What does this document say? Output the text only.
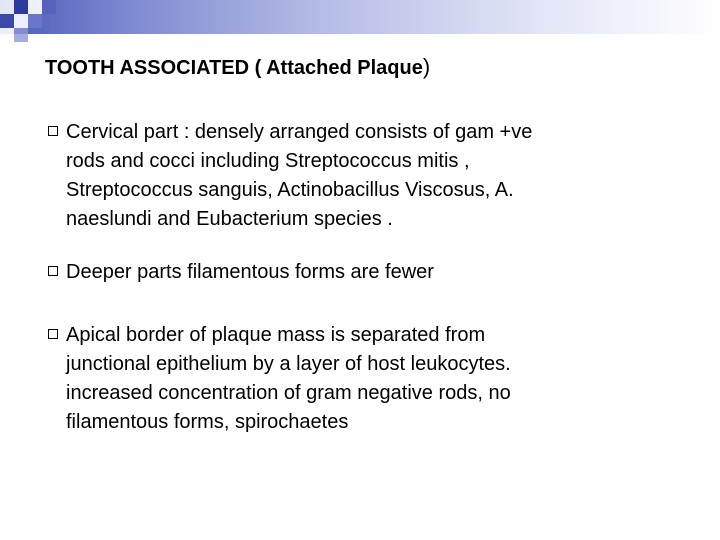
TOOTH ASSOCIATED ( Attached Plaque)
Cervical part : densely arranged consists of gam +ve
rods and cocci including Streptococcus mitis ,
Streptococcus sanguis, Actinobacillus Viscosus, A.
naeslundi and Eubacterium species .
Deeper parts filamentous forms are fewer
Apical border of plaque mass is separated from
junctional epithelium by a layer of host leukocytes.
increased concentration of gram negative rods, no
filamentous forms, spirochaetes
